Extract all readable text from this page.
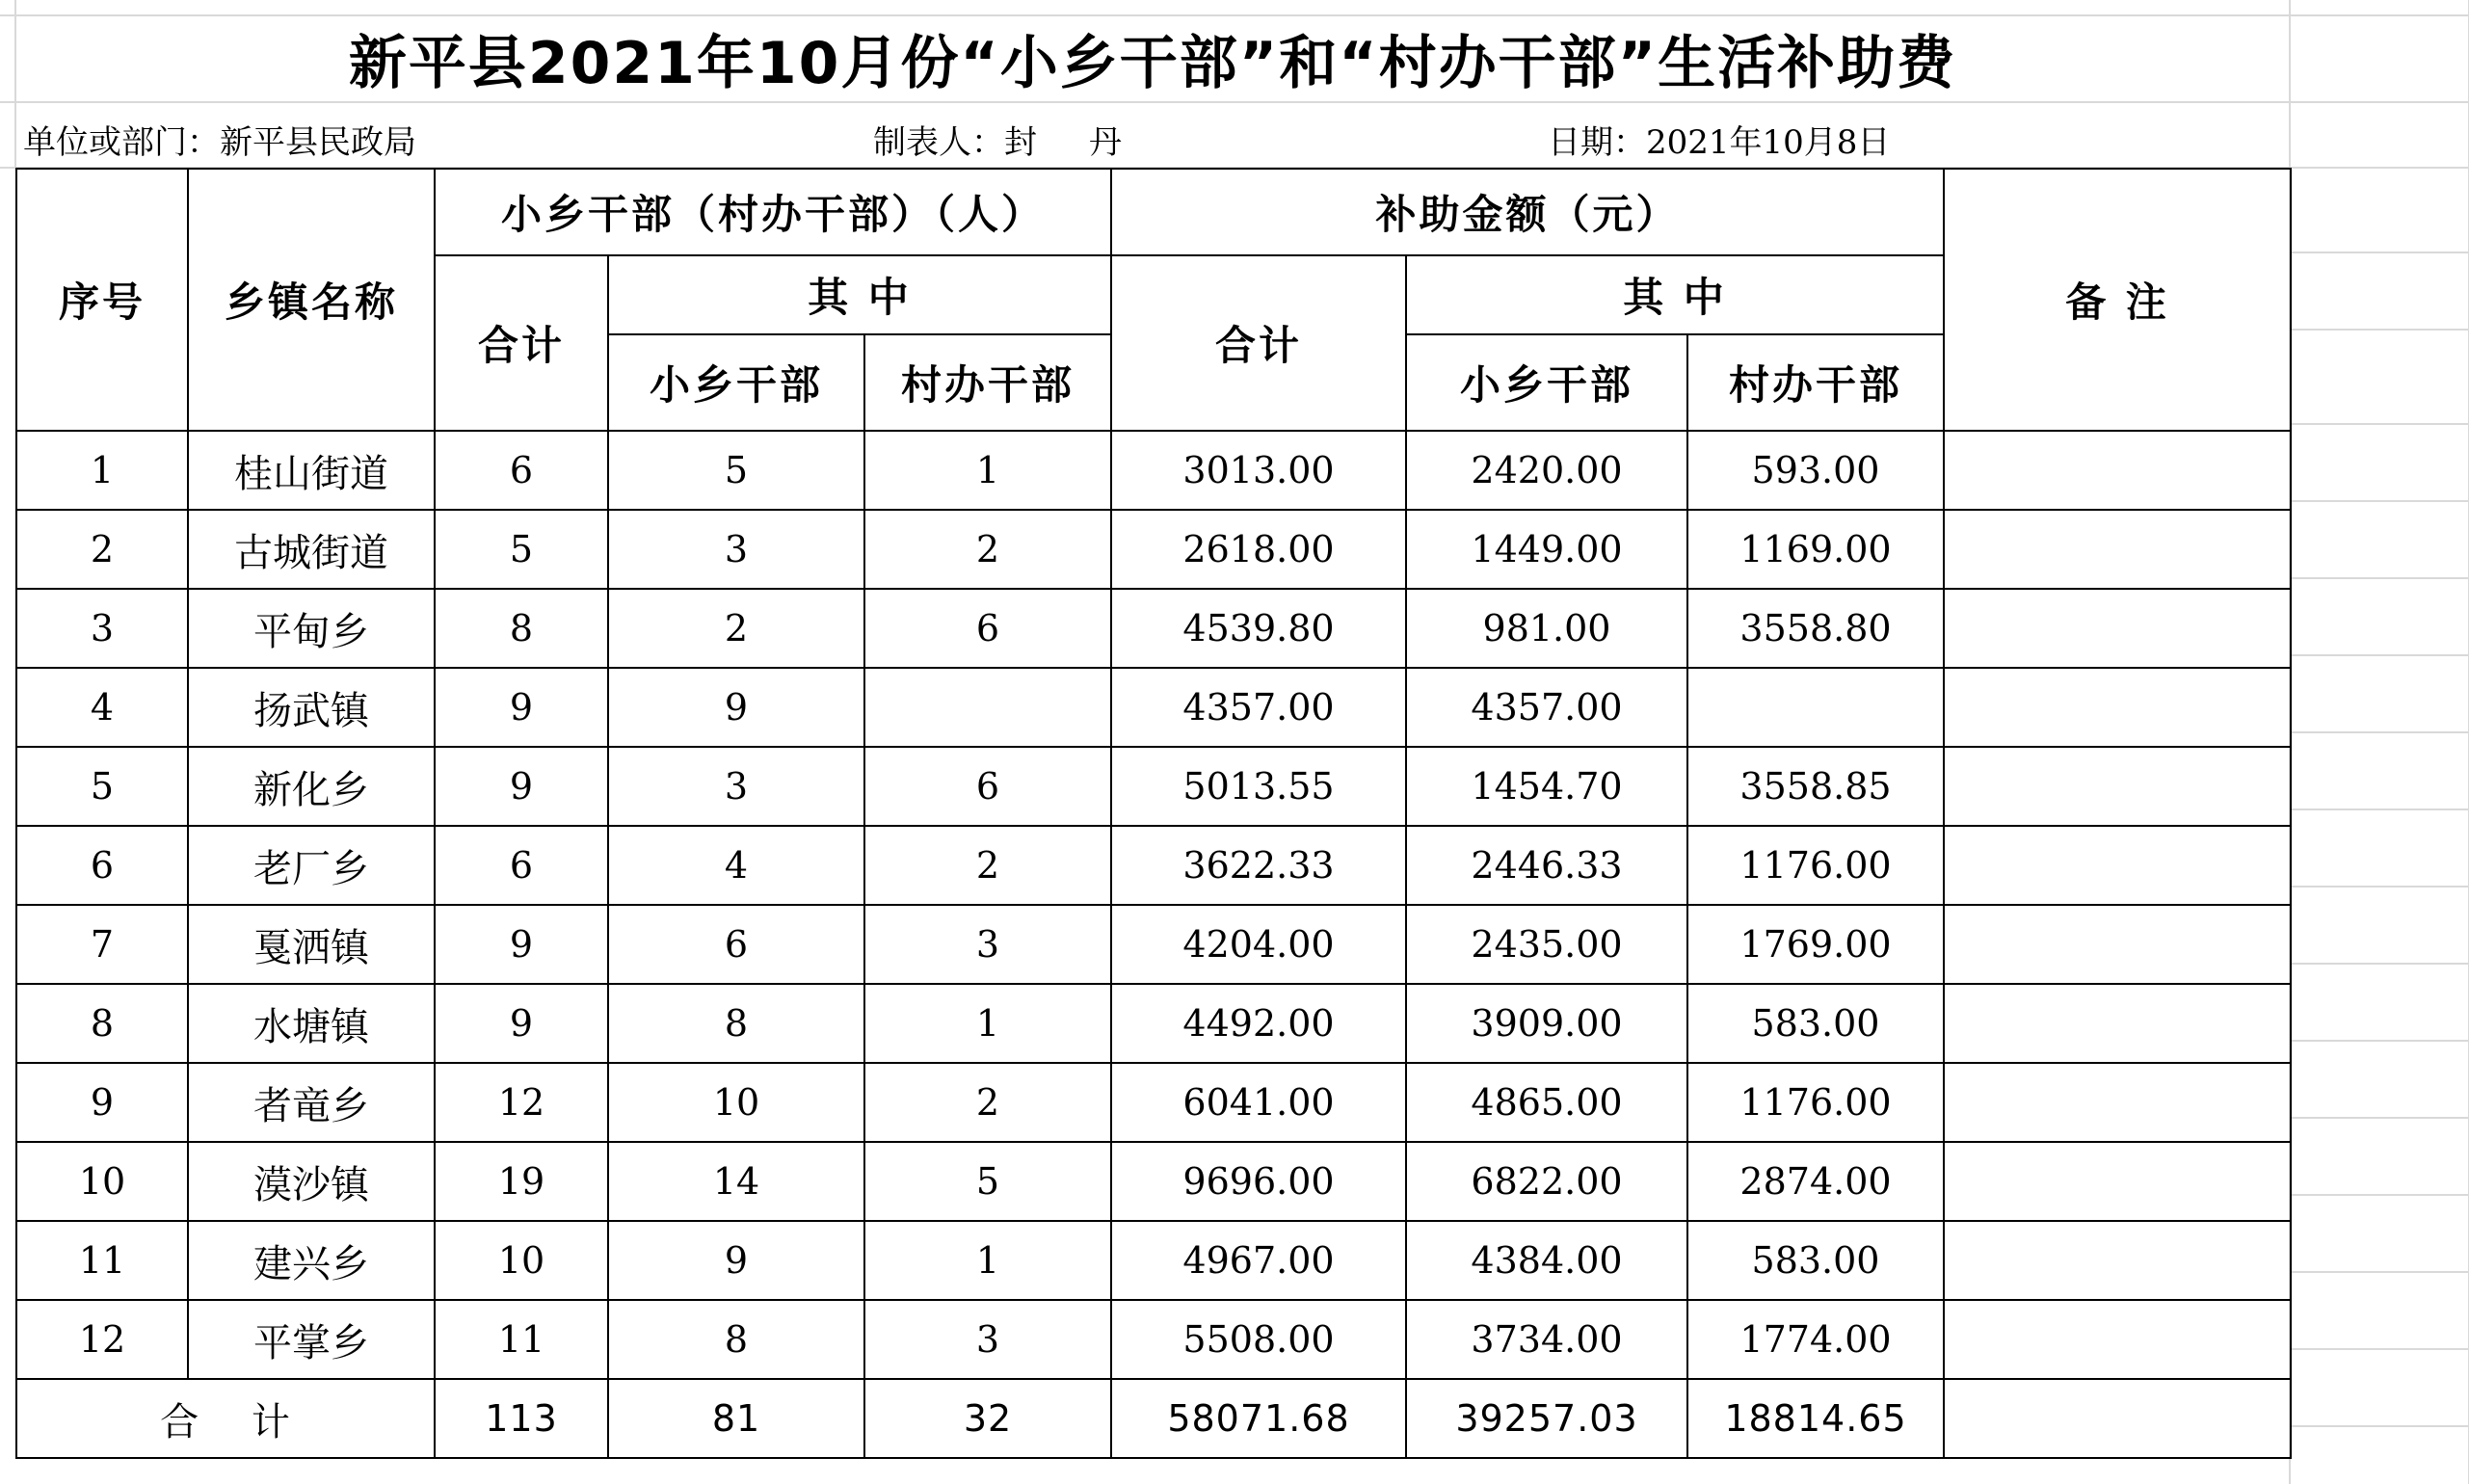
新平县2021年10月份“小乡干部”和“村办干部”生活补助费
单位或部门：新平县民政局	制表人：封     丹	日期：2021年10月8日
序号	乡镇名称	小乡干部（村办干部）（人）			补助金额（元）			备 注
		合计	其 中		合计	其 中		
			小乡干部	村办干部		小乡干部	村办干部	
1	桂山街道	6	5	1	3013.00	2420.00	593.00	
2	古城街道	5	3	2	2618.00	1449.00	1169.00	
3	平甸乡	8	2	6	4539.80	981.00	3558.80	
4	扬武镇	9	9		4357.00	4357.00		
5	新化乡	9	3	6	5013.55	1454.70	3558.85	
6	老厂乡	6	4	2	3622.33	2446.33	1176.00	
7	戛洒镇	9	6	3	4204.00	2435.00	1769.00	
8	水塘镇	9	8	1	4492.00	3909.00	583.00	
9	者竜乡	12	10	2	6041.00	4865.00	1176.00	
10	漠沙镇	19	14	5	9696.00	6822.00	2874.00	
11	建兴乡	10	9	1	4967.00	4384.00	583.00	
12	平掌乡	11	8	3	5508.00	3734.00	1774.00	
合 计		113	81	32	58071.68	39257.03	18814.65	
